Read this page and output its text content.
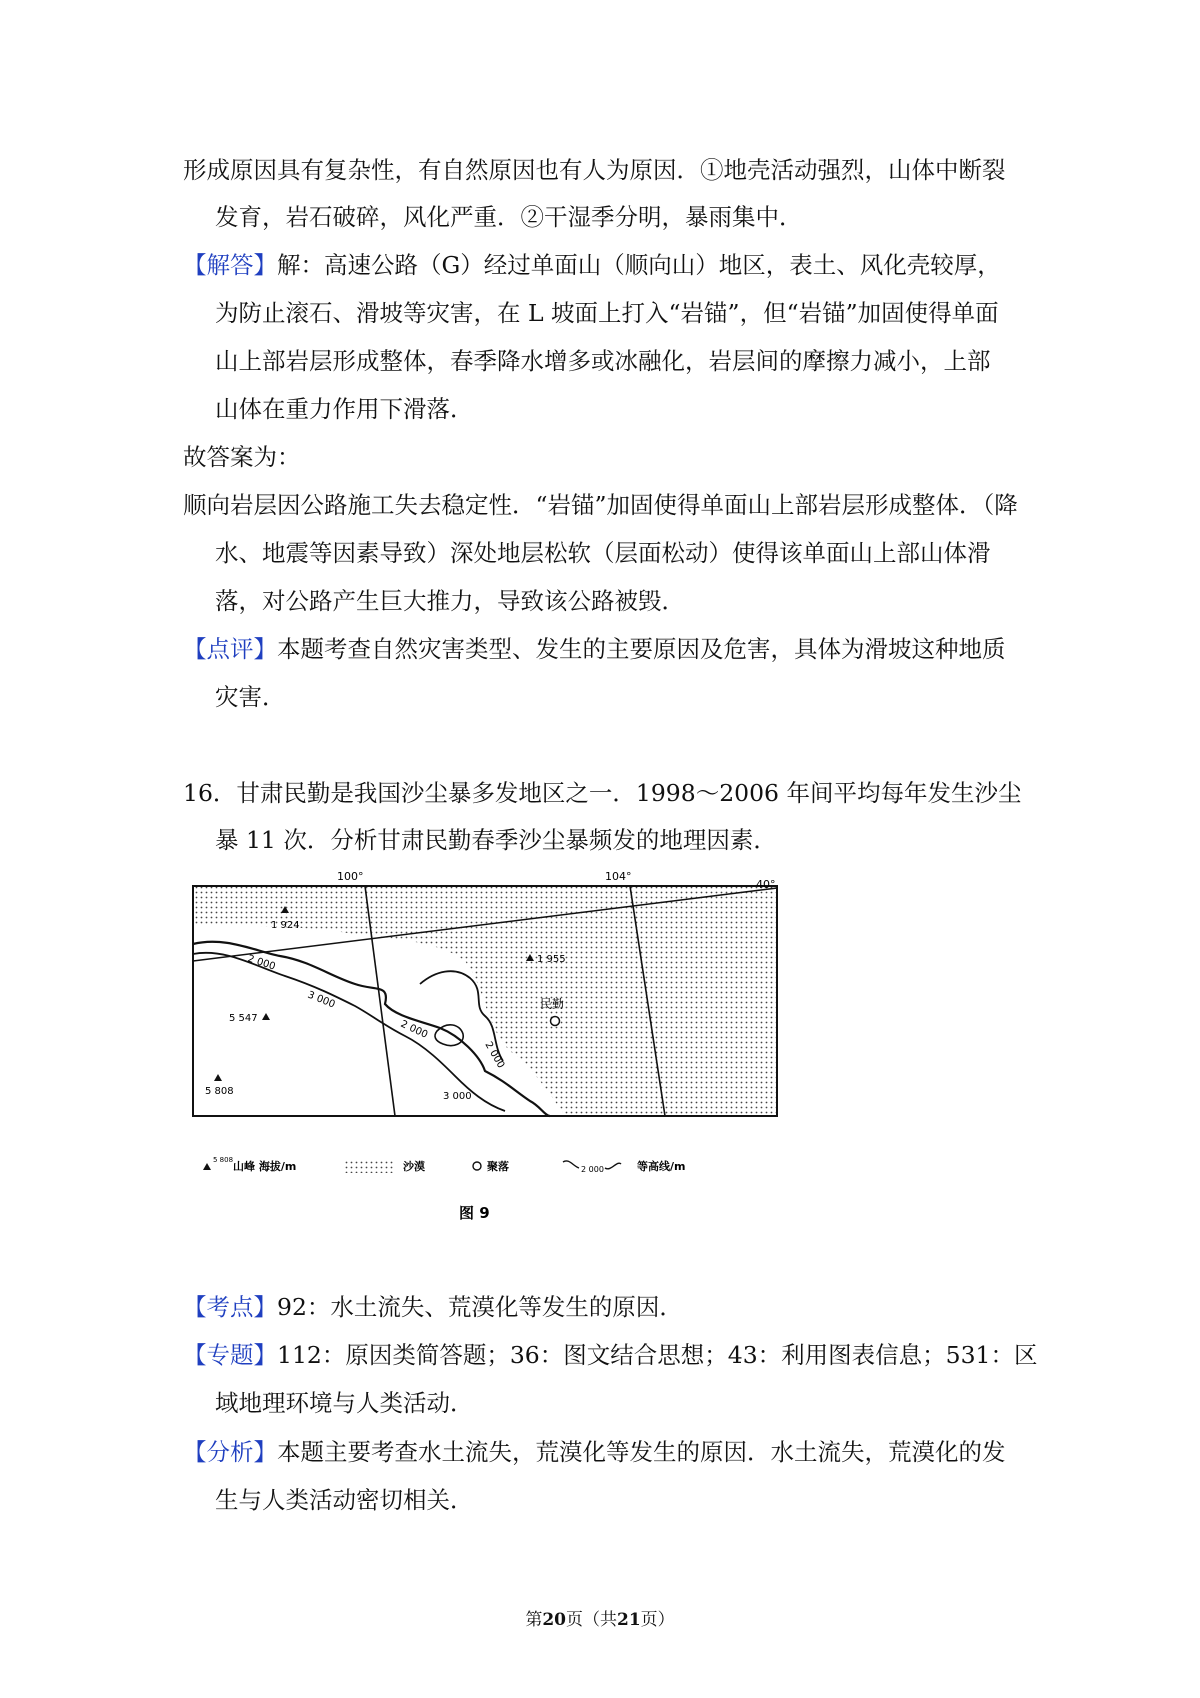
形成原因具有复杂性，有自然原因也有人为原因．①地壳活动强烈，山体中断裂
发育，岩石破碎，风化严重．②干湿季分明，暴雨集中．
【解答】解：高速公路（G）经过单面山（顺向山）地区，表土、风化壳较厚，
为防止滚石、滑坡等灾害，在 L 坡面上打入“岩锚”，但“岩锚”加固使得单面
山上部岩层形成整体，春季降水增多或冰融化，岩层间的摩擦力减小，上部
山体在重力作用下滑落．
故答案为：
顺向岩层因公路施工失去稳定性．“岩锚”加固使得单面山上部岩层形成整体．（降
水、地震等因素导致）深处地层松软（层面松动）使得该单面山上部山体滑
落，对公路产生巨大推力，导致该公路被毁．
【点评】本题考查自然灾害类型、发生的主要原因及危害，具体为滑坡这种地质
灾害．
16．甘肃民勤是我国沙尘暴多发地区之一．1998～2006 年间平均每年发生沙尘
暴 11 次．分析甘肃民勤春季沙尘暴频发的地理因素．
1 924
1 955
5 547
5 808
100°	104°
40°
2 000
3 000
2 000
2 000
3 000
民勤
5 808 山峰 海拔/m	沙漠	聚落	2 000	等高线/m
图 9
【考点】92：水土流失、荒漠化等发生的原因．
【专题】112：原因类简答题；36：图文结合思想；43：利用图表信息；531：区
域地理环境与人类活动．
【分析】本题主要考查水土流失，荒漠化等发生的原因．水土流失，荒漠化的发
生与人类活动密切相关．
第20页（共21页）
